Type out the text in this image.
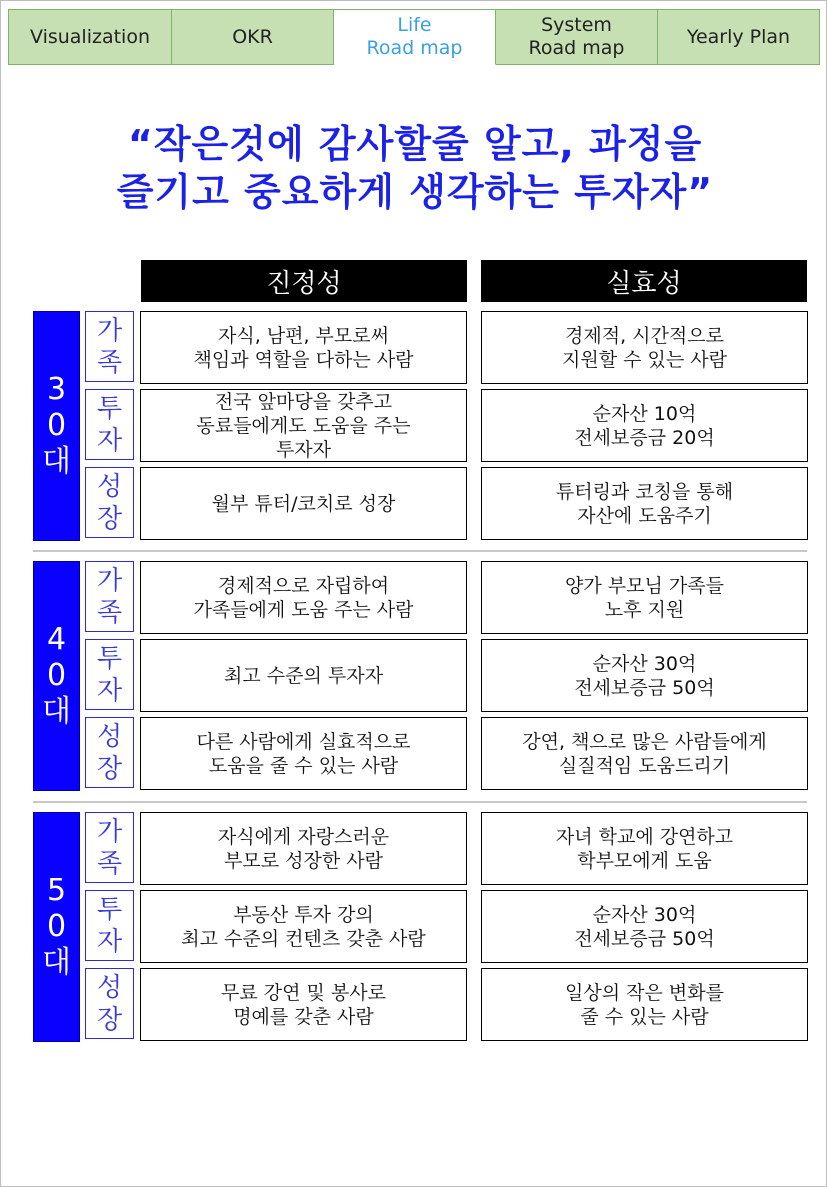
Visualization	OKR
Life
Road map
System
Road map
Yearly Plan
“작은것에 감사할줄 알고, 과정을
즐기고 중요하게 생각하는 투자자”
진정성	실효성
3
0
대
가족
투자
성장
자식, 남편, 부모로써
책임과 역할을 다하는 사람
경제적, 시간적으로
지원할 수 있는 사람
전국 앞마당을 갖추고
동료들에게도 도움을 주는
투자자
순자산 10억
전세보증금 20억
월부 튜터/코치로 성장
튜터링과 코칭을 통해
자산에 도움주기
4
0
대
가족
투자
성장
경제적으로 자립하여
가족들에게 도움 주는 사람
양가 부모님 가족들
노후 지원
최고 수준의 투자자
순자산 30억
전세보증금 50억
다른 사람에게 실효적으로
도움을 줄 수 있는 사람
강연, 책으로 많은 사람들에게
실질적임 도움드리기
5
0
대
가족
투자
성장
자식에게 자랑스러운
부모로 성장한 사람
자녀 학교에 강연하고
학부모에게 도움
부동산 투자 강의
최고 수준의 컨텐츠 갖춘 사람
순자산 30억
전세보증금 50억
무료 강연 및 봉사로
명예를 갖춘 사람
일상의 작은 변화를
줄 수 있는 사람
